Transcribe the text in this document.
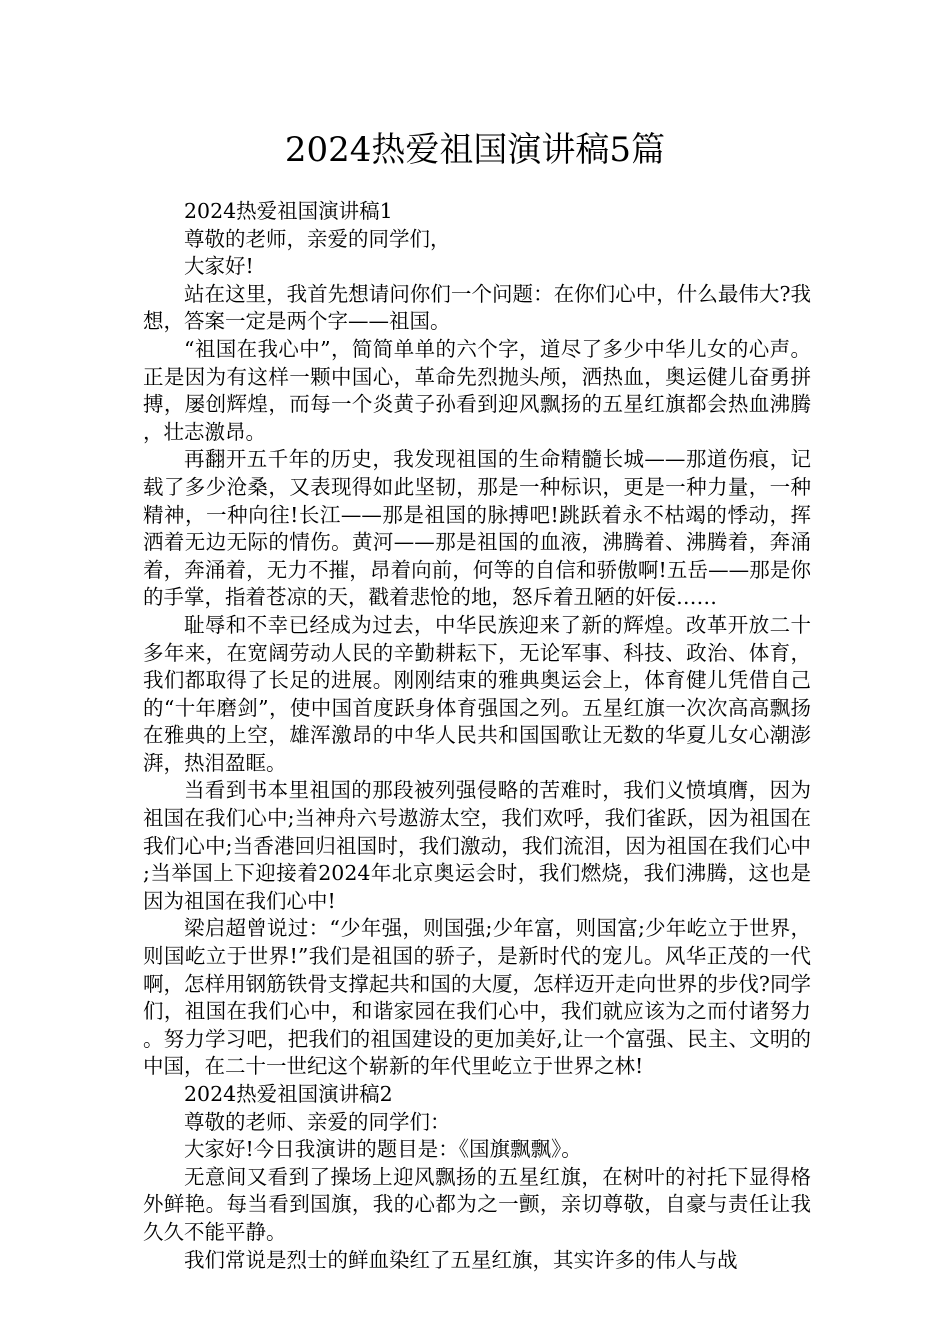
2024热爱祖国演讲稿5篇

2024热爱祖国演讲稿1

尊敬的老师，亲爱的同学们，

大家好!

站在这里，我首先想请问你们一个问题：在你们心中，什么最伟大?我想，答案一定是两个字——祖国。

“祖国在我心中”，简简单单的六个字，道尽了多少中华儿女的心声。正是因为有这样一颗中国心，革命先烈抛头颅，洒热血，奥运健儿奋勇拼搏，屡创辉煌，而每一个炎黄子孙看到迎风飘扬的五星红旗都会热血沸腾，壮志激昂。

再翻开五千年的历史，我发现祖国的生命精髓长城——那道伤痕，记载了多少沧桑，又表现得如此坚韧，那是一种标识，更是一种力量，一种精神，一种向往!长江——那是祖国的脉搏吧!跳跃着永不枯竭的悸动，挥洒着无边无际的情伤。黄河——那是祖国的血液，沸腾着、沸腾着，奔涌着，奔涌着，无力不摧，昂着向前，何等的自信和骄傲啊!五岳——那是你的手掌，指着苍凉的天，戳着悲怆的地，怒斥着丑陋的奸佞……

耻辱和不幸已经成为过去，中华民族迎来了新的辉煌。改革开放二十多年来，在宽阔劳动人民的辛勤耕耘下，无论军事、科技、政治、体育，我们都取得了长足的进展。刚刚结束的雅典奥运会上，体育健儿凭借自己的“十年磨剑”，使中国首度跃身体育强国之列。五星红旗一次次高高飘扬在雅典的上空，雄浑激昂的中华人民共和国国歌让无数的华夏儿女心潮澎湃，热泪盈眶。

当看到书本里祖国的那段被列强侵略的苦难时，我们义愤填膺，因为祖国在我们心中;当神舟六号遨游太空，我们欢呼，我们雀跃，因为祖国在我们心中;当香港回归祖国时，我们激动，我们流泪，因为祖国在我们心中;当举国上下迎接着2024年北京奥运会时，我们燃烧，我们沸腾，这也是因为祖国在我们心中!

梁启超曾说过：“少年强，则国强;少年富，则国富;少年屹立于世界，则国屹立于世界!”我们是祖国的骄子，是新时代的宠儿。风华正茂的一代啊，怎样用钢筋铁骨支撑起共和国的大厦，怎样迈开走向世界的步伐?同学们，祖国在我们心中，和谐家园在我们心中，我们就应该为之而付诸努力。努力学习吧，把我们的祖国建设的更加美好,让一个富强、民主、文明的中国，在二十一世纪这个崭新的年代里屹立于世界之林!

2024热爱祖国演讲稿2

尊敬的老师、亲爱的同学们：

大家好!今日我演讲的题目是：《国旗飘飘》。

无意间又看到了操场上迎风飘扬的五星红旗，在树叶的衬托下显得格外鲜艳。每当看到国旗，我的心都为之一颤，亲切尊敬，自豪与责任让我久久不能平静。

我们常说是烈士的鲜血染红了五星红旗，其实许多的伟人与战
